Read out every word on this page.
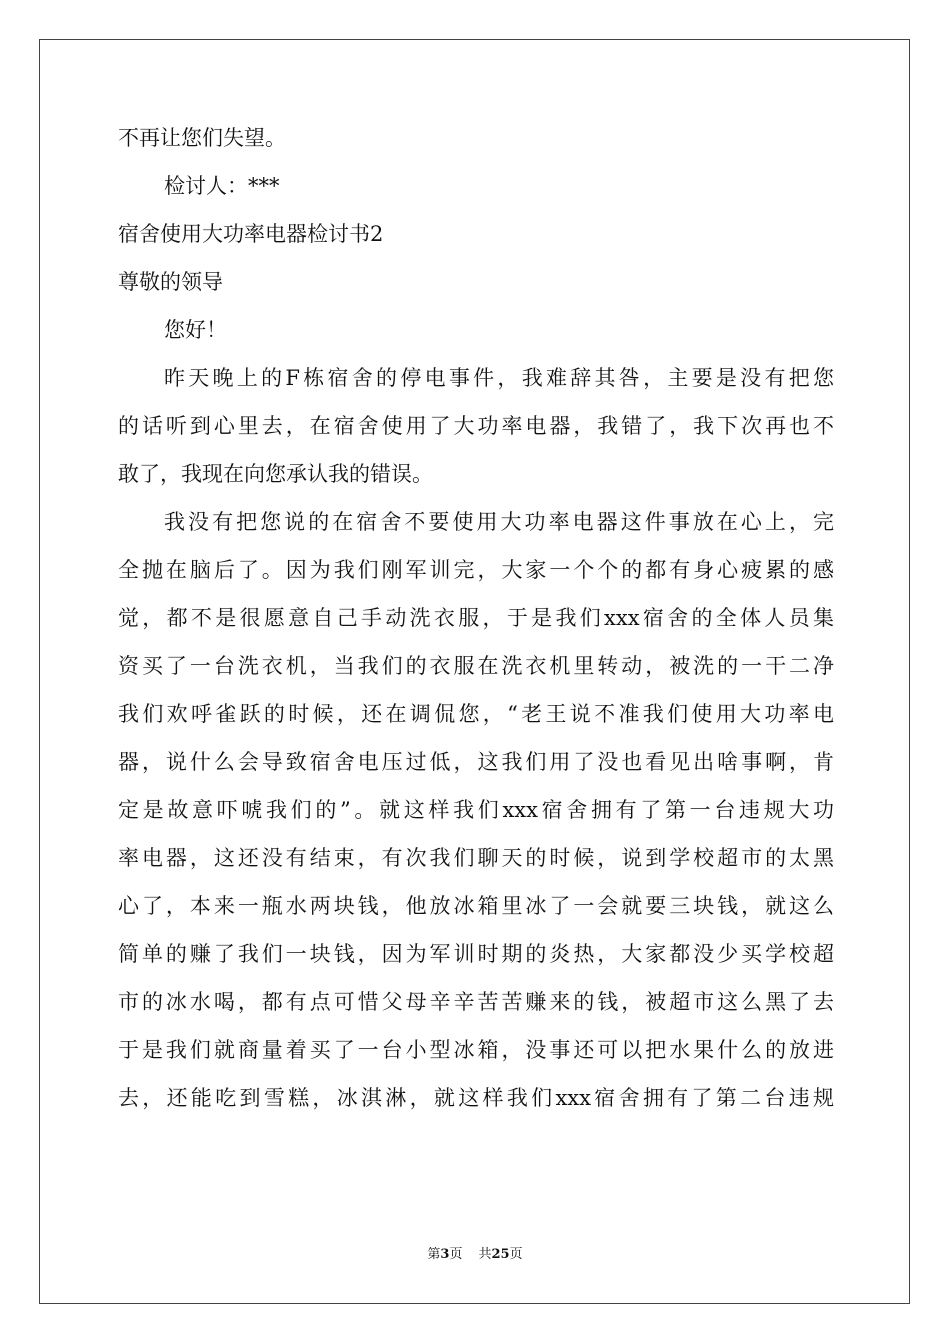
不再让您们失望。
检讨人：***
宿舍使用大功率电器检讨书2
尊敬的领导
您好！
昨天晚上的F栋宿舍的停电事件，我难辞其咎，主要是没有把您
的话听到心里去，在宿舍使用了大功率电器，我错了，我下次再也不
敢了，我现在向您承认我的错误。
我没有把您说的在宿舍不要使用大功率电器这件事放在心上，完
全抛在脑后了。因为我们刚军训完，大家一个个的都有身心疲累的感
觉，都不是很愿意自己手动洗衣服，于是我们xxx宿舍的全体人员集
资买了一台洗衣机，当我们的衣服在洗衣机里转动，被洗的一干二净
我们欢呼雀跃的时候，还在调侃您，“老王说不准我们使用大功率电
器，说什么会导致宿舍电压过低，这我们用了没也看见出啥事啊，肯
定是故意吓唬我们的”。就这样我们xxx宿舍拥有了第一台违规大功
率电器，这还没有结束，有次我们聊天的时候，说到学校超市的太黑
心了，本来一瓶水两块钱，他放冰箱里冰了一会就要三块钱，就这么
简单的赚了我们一块钱，因为军训时期的炎热，大家都没少买学校超
市的冰水喝，都有点可惜父母辛辛苦苦赚来的钱，被超市这么黑了去
于是我们就商量着买了一台小型冰箱，没事还可以把水果什么的放进
去，还能吃到雪糕，冰淇淋，就这样我们xxx宿舍拥有了第二台违规
第3页 共25页
